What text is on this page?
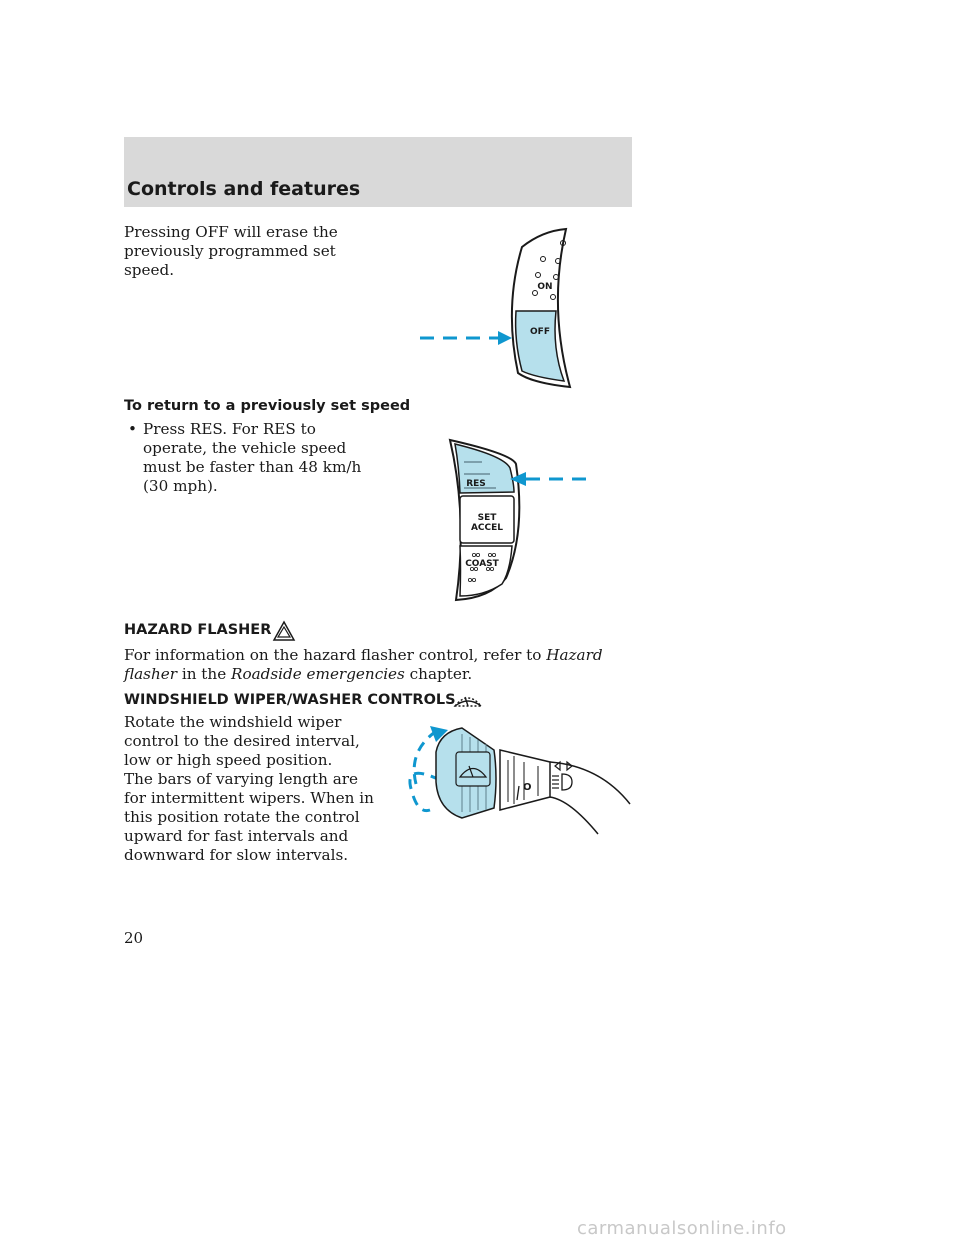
Controls and features

Pressing OFF will erase the previously programmed set speed.

ON
OFF
To return to a previously set speed
• Press RES. For RES to operate, the vehicle speed must be faster than 48 km/h (30 mph).	RES
SET
ACCEL
COAST
HAZARD FLASHER

For information on the hazard flasher control, refer to Hazard flasher in the Roadside emergencies chapter.

WINDSHIELD WIPER/WASHER CONTROLS

Rotate the windshield wiper control to the desired interval, low or high speed position.

The bars of varying length are for intermittent wipers. When in this position rotate the control upward for fast intervals and downward for slow intervals.

O
20
carmanualsonline.info
